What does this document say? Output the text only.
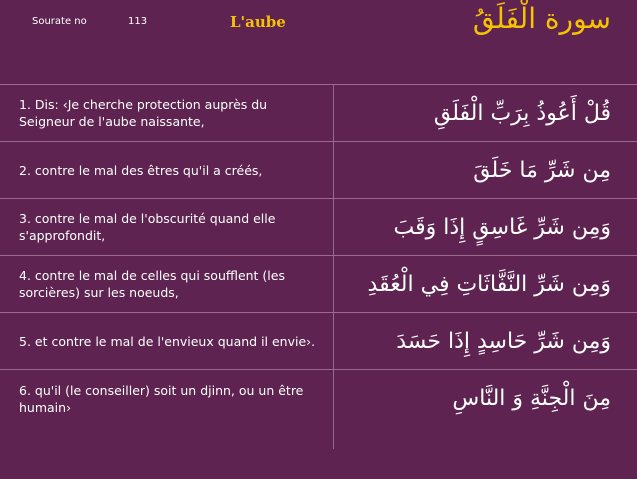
Sourate no	113	L'aube	سورة الْفَلَقُ
1. Dis: ‹Je cherche protection auprès du Seigneur de l'aube naissante,	قُلْ أَعُوذُ بِرَبِّ الْفَلَقِ
2. contre le mal des êtres qu'il a créés,	مِن شَرِّ مَا خَلَقَ
3. contre le mal de l'obscurité quand elle s'approfondit,	وَمِن شَرِّ غَاسِقٍ إِذَا وَقَبَ
4. contre le mal de celles qui soufflent (les sorcières) sur les noeuds,	وَمِن شَرِّ النَّفَّاثَاتِ فِي الْعُقَدِ
5. et contre le mal de l'envieux quand il envie›.	وَمِن شَرِّ حَاسِدٍ إِذَا حَسَدَ
6. qu'il (le conseiller) soit un djinn, ou un être humain›	مِنَ الْجِنَّةِ وَ النَّاسِ
